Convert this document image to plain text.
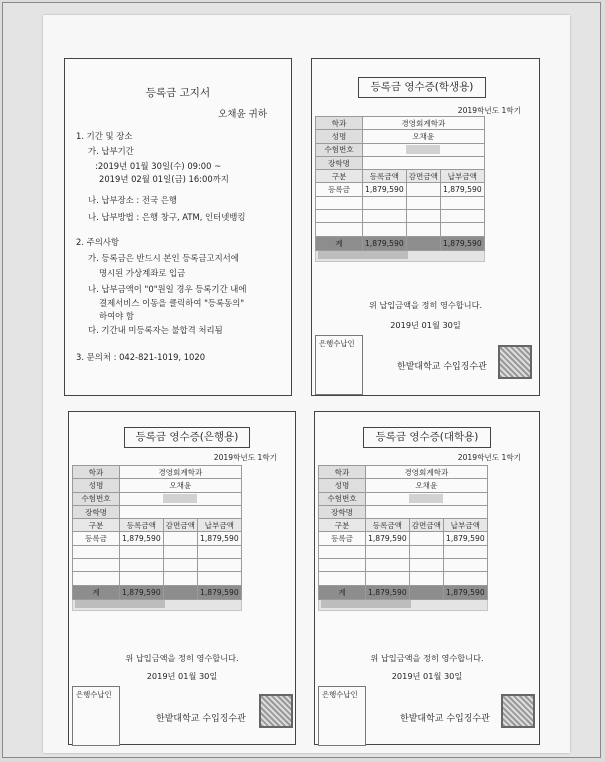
등록금 고지서
오채윤 귀하
1. 기간 및 장소
가. 납부기간
:2019년 01월 30일(수) 09:00 ~
2019년 02월 01일(금) 16:00까지
나. 납부장소 : 전국 은행
나. 납부방법 : 은행 창구, ATM, 인터넷뱅킹
2. 주의사항
가. 등록금은 반드시 본인 등록금고지서에
명시된 가상계좌로 입금
나. 납부금액이 "0"원일 경우 등록기간 내에
결제서비스 이동을 클릭하여 "등록동의"
하여야 함
다. 기간내 미등록자는 불합격 처리됨
3. 문의처 : 042-821-1019, 1020
등록금 영수증(학생용)
2019학년도 1학기
학과	경영회계학과		
성명	오채윤		
수험번호			
장학명			
구분	등록금액	감면금액	납부금액
등록금	1,879,590		1,879,590

계	1,879,590		1,879,590

위 납입금액을 정히 영수합니다.
2019년 01월 30일
은행수납인
한밭대학교 수입징수관
등록금 영수증(은행용)
2019학년도 1학기
학과	경영회계학과		
성명	오채윤		
수험번호			
장학명			
구분	등록금액	감면금액	납부금액
등록금	1,879,590		1,879,590

계	1,879,590		1,879,590

위 납입금액을 정히 영수합니다.
2019년 01월 30일
은행수납인
한밭대학교 수입징수관
등록금 영수증(대학용)
2019학년도 1학기
학과	경영회계학과		
성명	오채윤		
수험번호			
장학명			
구분	등록금액	감면금액	납부금액
등록금	1,879,590		1,879,590

계	1,879,590		1,879,590

위 납입금액을 정히 영수합니다.
2019년 01월 30일
은행수납인
한밭대학교 수입징수관
